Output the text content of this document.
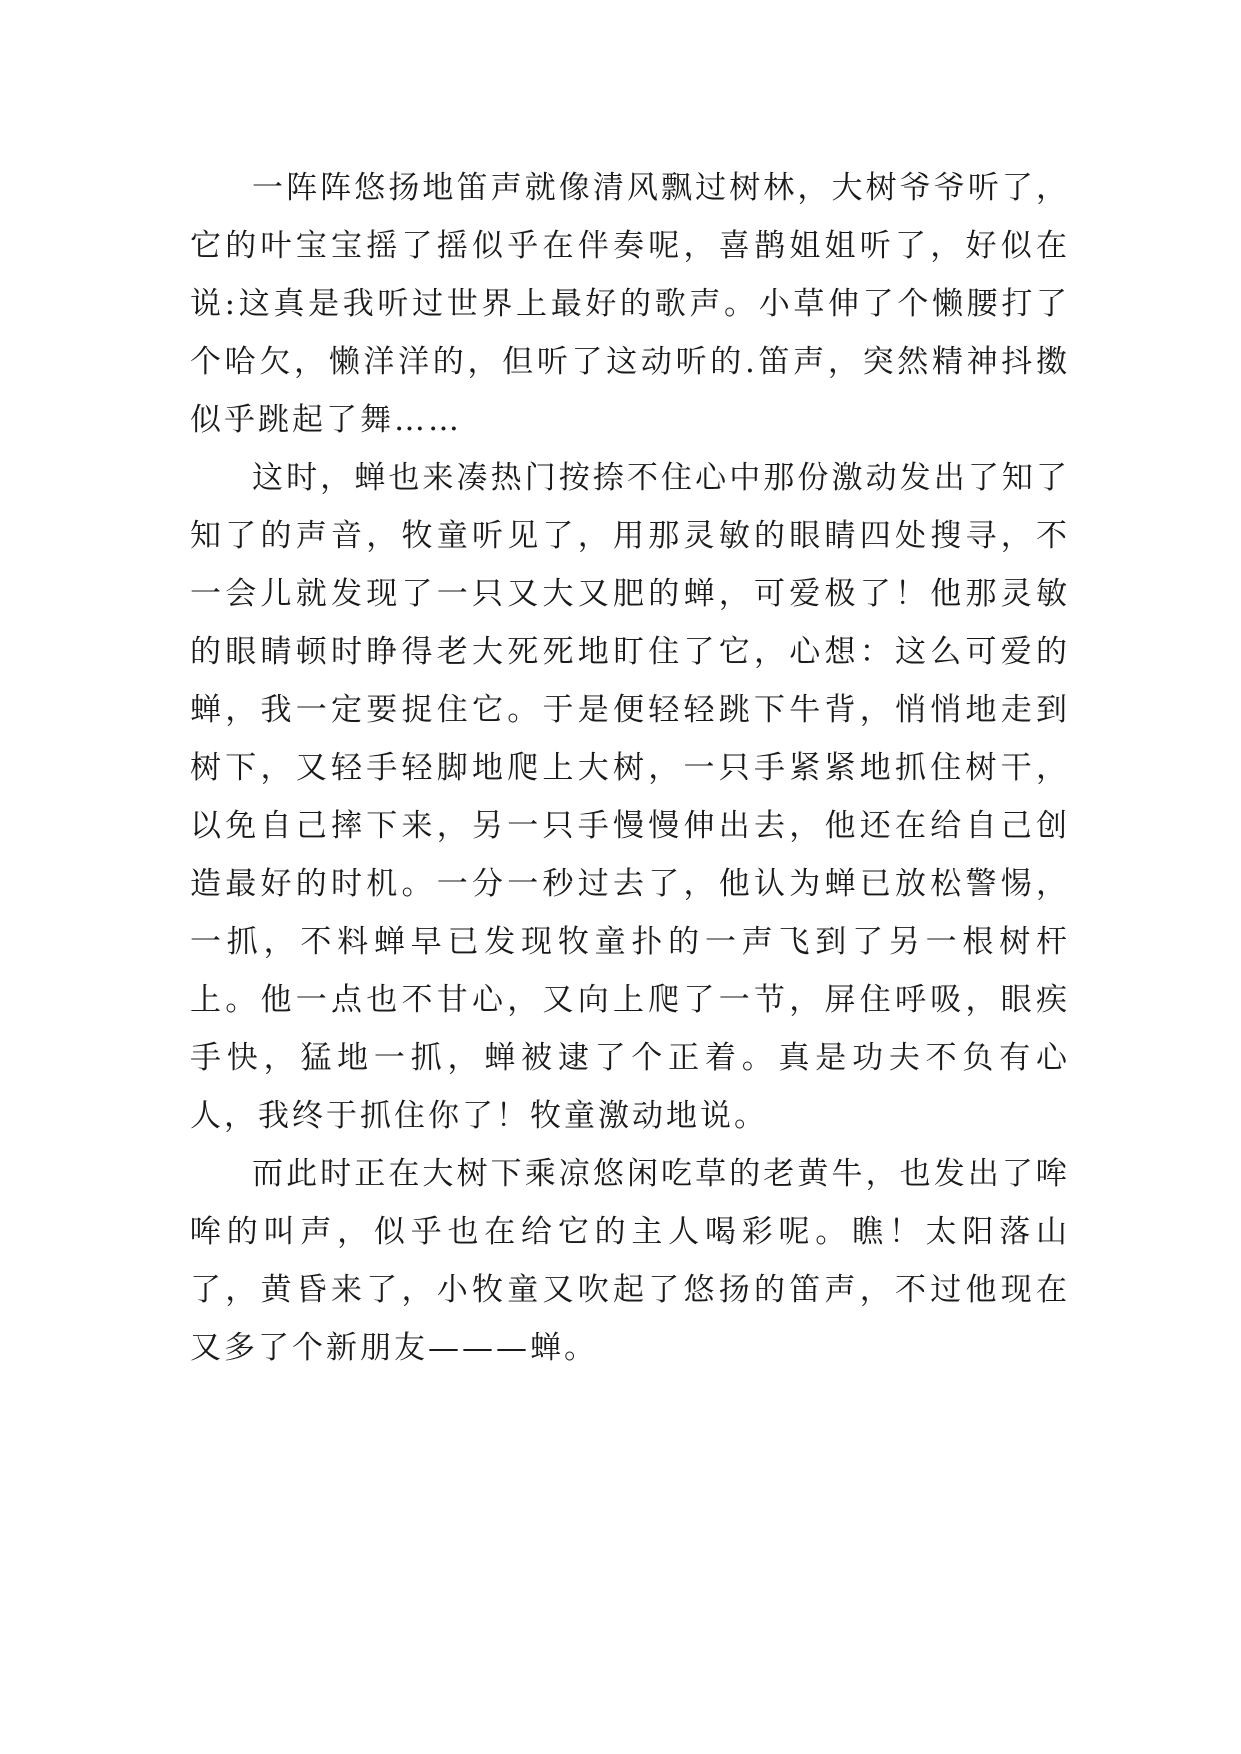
一阵阵悠扬地笛声就像清风飘过树林，大树爷爷听了，它的叶宝宝摇了摇似乎在伴奏呢，喜鹊姐姐听了，好似在说:这真是我听过世界上最好的歌声。小草伸了个懒腰打了个哈欠，懒洋洋的，但听了这动听的.笛声，突然精神抖擞似乎跳起了舞……

这时，蝉也来凑热门按捺不住心中那份激动发出了知了知了的声音，牧童听见了，用那灵敏的眼睛四处搜寻，不一会儿就发现了一只又大又肥的蝉，可爱极了！他那灵敏的眼睛顿时睁得老大死死地盯住了它，心想：这么可爱的蝉，我一定要捉住它。于是便轻轻跳下牛背，悄悄地走到树下，又轻手轻脚地爬上大树，一只手紧紧地抓住树干，以免自己摔下来，另一只手慢慢伸出去，他还在给自己创造最好的时机。一分一秒过去了，他认为蝉已放松警惕，一抓，不料蝉早已发现牧童扑的一声飞到了另一根树杆上。他一点也不甘心，又向上爬了一节，屏住呼吸，眼疾手快，猛地一抓，蝉被逮了个正着。真是功夫不负有心人，我终于抓住你了！牧童激动地说。

而此时正在大树下乘凉悠闲吃草的老黄牛，也发出了哞哞的叫声，似乎也在给它的主人喝彩呢。瞧！太阳落山了，黄昏来了，小牧童又吹起了悠扬的笛声，不过他现在又多了个新朋友———蝉。
